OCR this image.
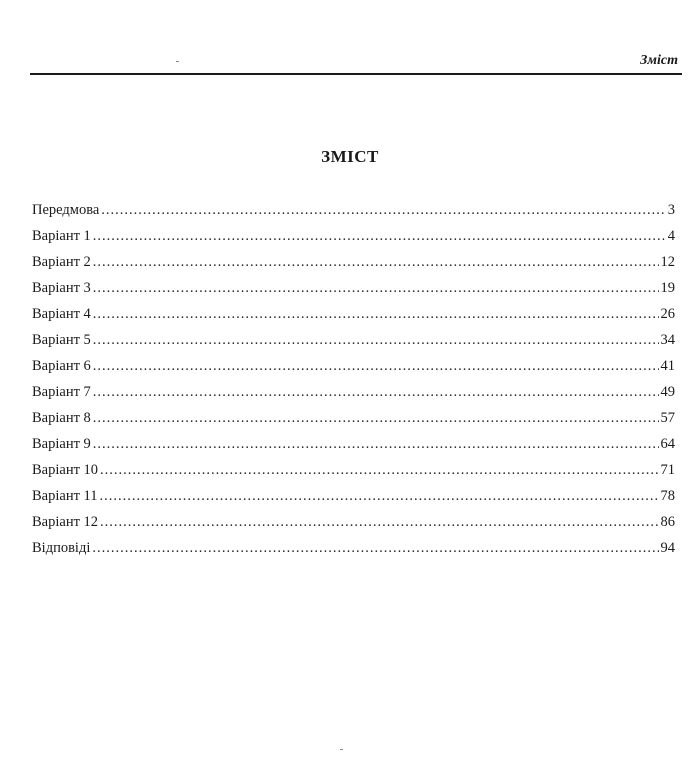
Зміст
ЗМІСТ
Передмова .....	3
Варіант 1 .....	4
Варіант 2 .....	12
Варіант 3 .....	19
Варіант 4 .....	26
Варіант 5 .....	34
Варіант 6 .....	41
Варіант 7 .....	49
Варіант 8 .....	57
Варіант 9 .....	64
Варіант 10 .....	71
Варіант 11 .....	78
Варіант 12 .....	86
Відповіді .....	94
